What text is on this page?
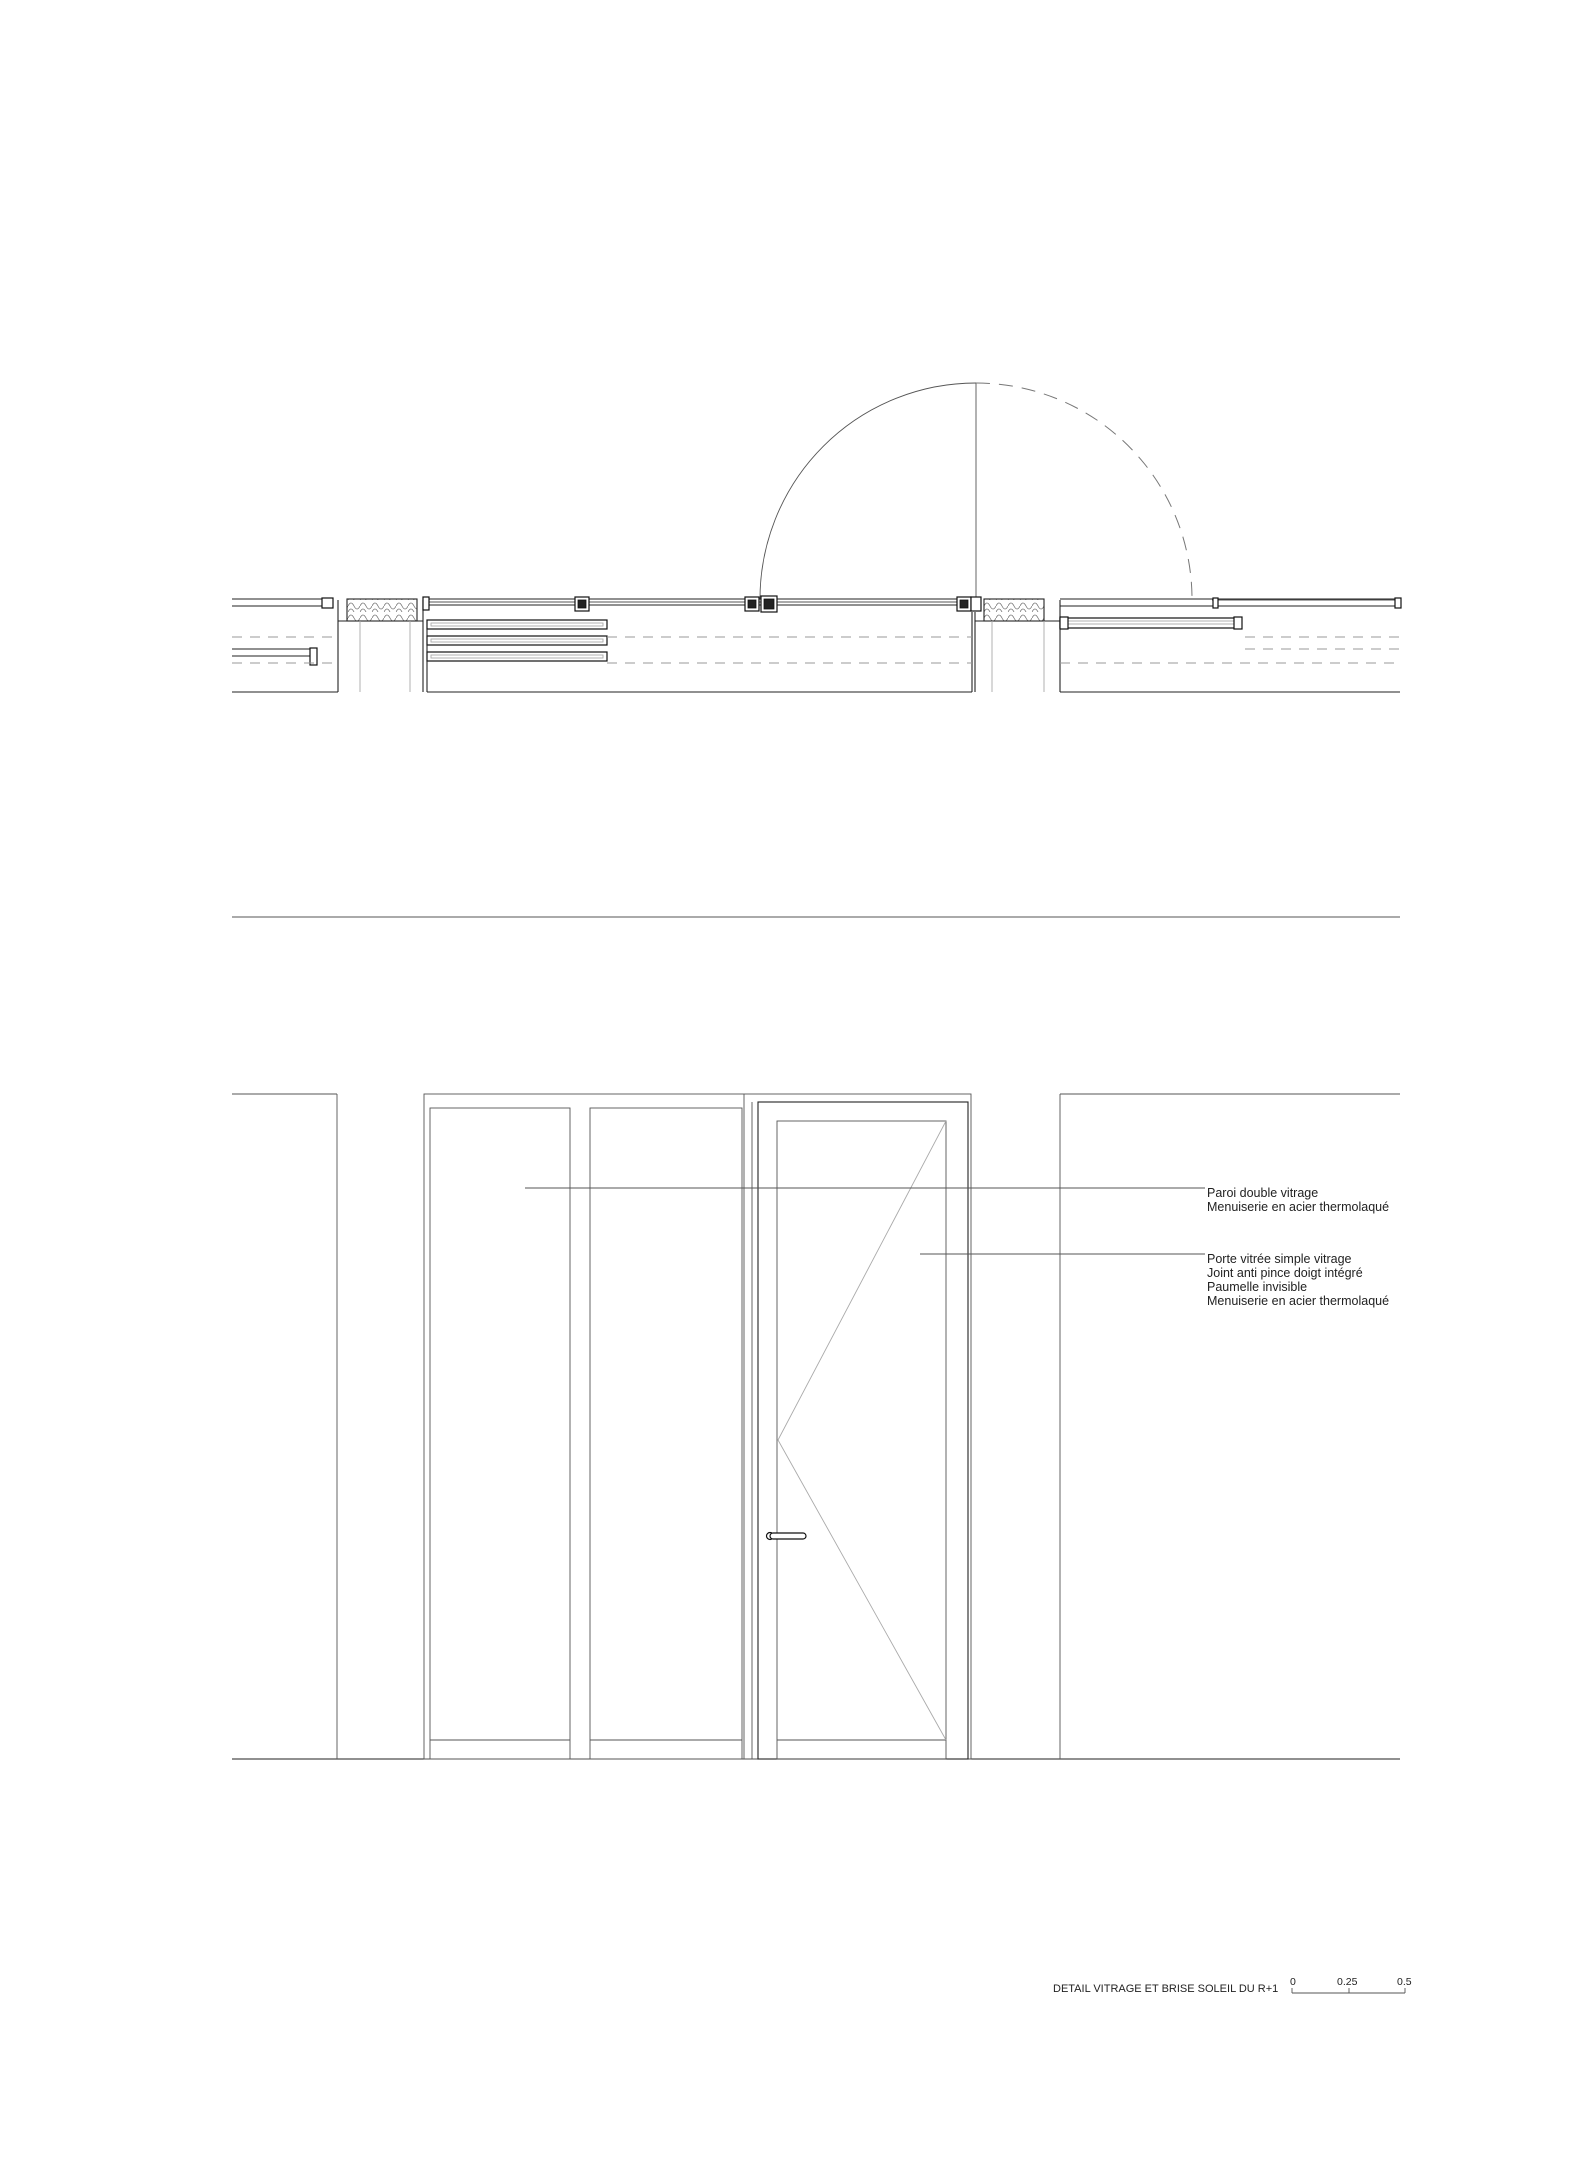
Paroi double vitrage
Menuiserie en acier thermolaqué
Porte vitrée simple vitrage
Joint anti pince doigt intégré
Paumelle invisible
Menuiserie en acier thermolaqué
DETAIL VITRAGE ET BRISE SOLEIL DU R+1
0	0.25	0.5
